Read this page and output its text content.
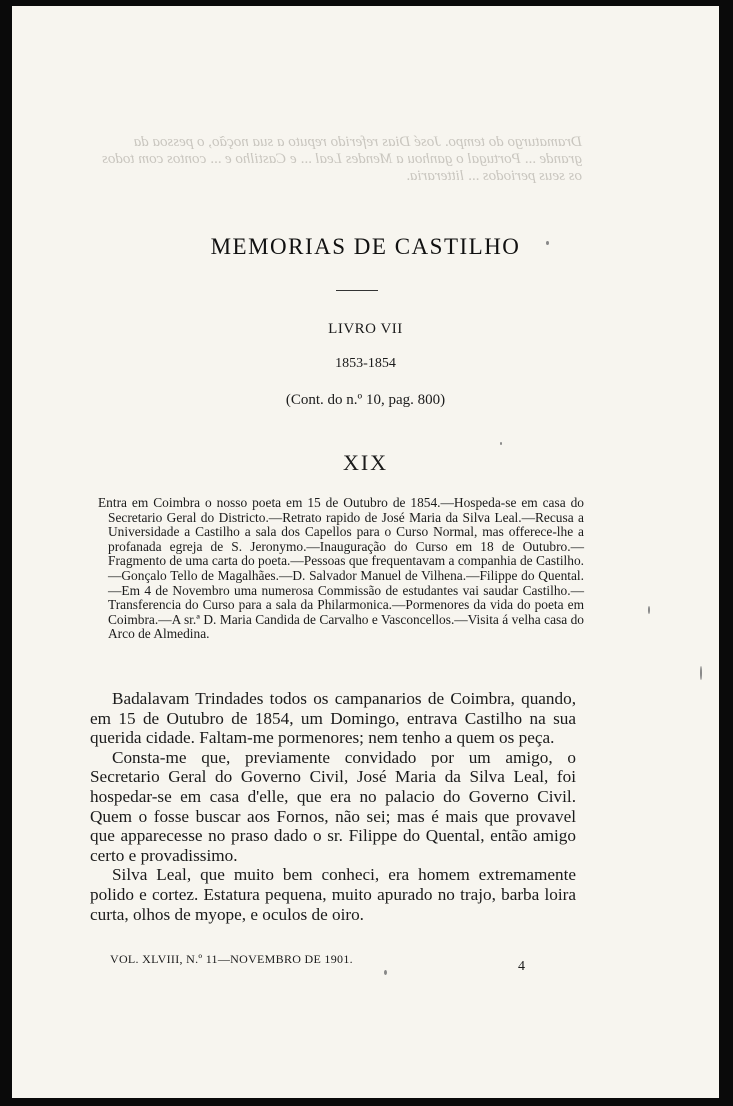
Dramaturgo do tempo. José Dias referido reputo a sua noção, o pessoa da grande ... Portugal o ganhou a Mendes Leal ... e Castilho e ... contos com todos os seus periodos ... litteraria.
MEMORIAS DE CASTILHO
LIVRO VII
1853-1854
(Cont. do n.º 10, pag. 800)
XIX

Entra em Coimbra o nosso poeta em 15 de Outubro de 1854.—Hospeda-se em casa do Secretario Geral do Districto.—Retrato rapido de José Maria da Silva Leal.—Recusa a Universidade a Castilho a sala dos Capellos para o Curso Normal, mas offerece-lhe a profanada egreja de S. Jeronymo.—Inauguração do Curso em 18 de Outubro.—Fragmento de uma carta do poeta.—Pessoas que frequentavam a companhia de Castilho.—Gonçalo Tello de Magalhães.—D. Salvador Manuel de Vilhena.—Filippe do Quental.—Em 4 de Novembro uma numerosa Commissão de estudantes vai saudar Castilho.—Transferencia do Curso para a sala da Philarmonica.—Pormenores da vida do poeta em Coimbra.—A sr.ª D. Maria Candida de Carvalho e Vasconcellos.—Visita á velha casa do Arco de Almedina.

Badalavam Trindades todos os campanarios de Coimbra, quando, em 15 de Outubro de 1854, um Domingo, entrava Castilho na sua querida cidade. Faltam-me pormenores; nem tenho a quem os peça.

Consta-me que, previamente convidado por um amigo, o Secretario Geral do Governo Civil, José Maria da Silva Leal, foi hospedar-se em casa d'elle, que era no palacio do Governo Civil. Quem o fosse buscar aos Fornos, não sei; mas é mais que provavel que apparecesse no praso dado o sr. Filippe do Quental, então amigo certo e provadissimo.

Silva Leal, que muito bem conheci, era homem extremamente polido e cortez. Estatura pequena, muito apurado no trajo, barba loira curta, olhos de myope, e oculos de oiro.

VOL. XLVIII, N.º 11—NOVEMBRO DE 1901.	4
